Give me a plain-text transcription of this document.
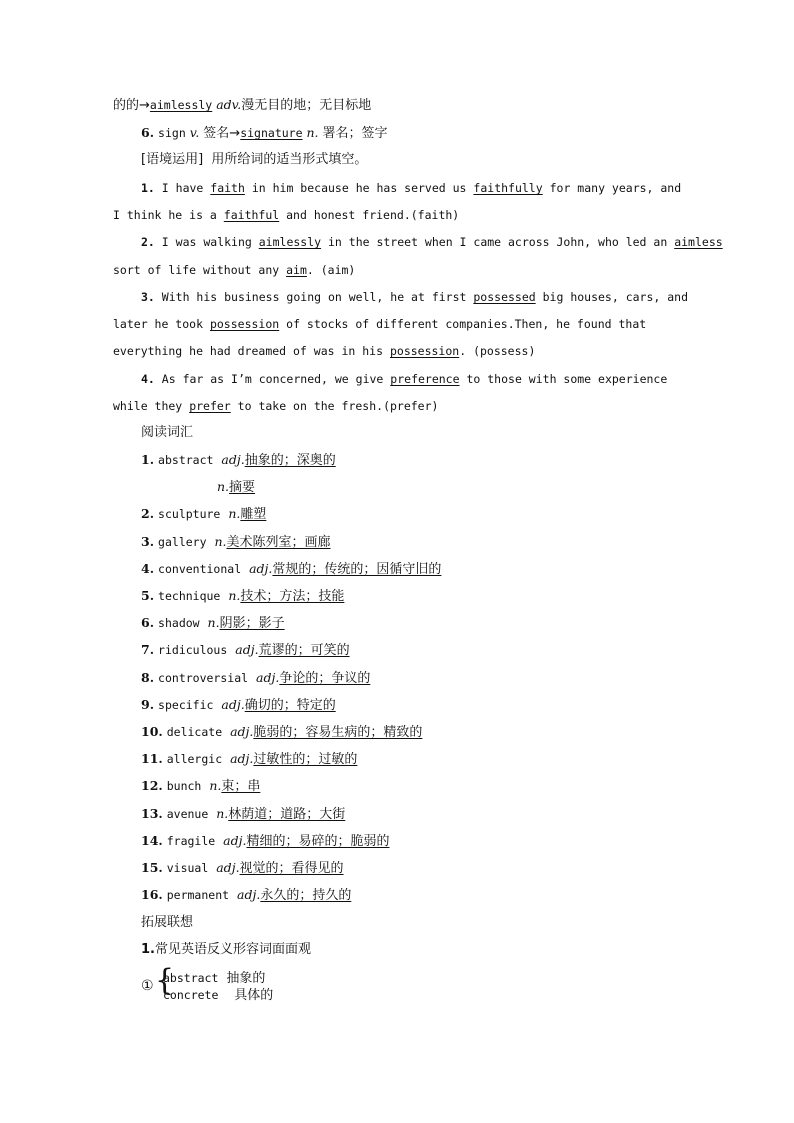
的的→aimlessly adv.漫无目的地；无目标地
6. sign v. 签名→signature n. 署名；签字
[语境运用] 用所给词的适当形式填空。
1. I have faith in him because he has served us faithfully for many years, and
I think he is a faithful and honest friend.(faith)
2. I was walking aimlessly in the street when I came across John, who led an aimless
sort of life without any aim. (aim)
3. With his business going on well, he at first possessed big houses, cars, and
later he took possession of stocks of different companies.Then, he found that
everything he had dreamed of was in his possession. (possess)
4. As far as I’m concerned, we give preference to those with some experience
while they prefer to take on the fresh.(prefer)
阅读词汇
1. abstract adj.抽象的；深奥的
n.摘要
2. sculpture n.雕塑
3. gallery n.美术陈列室；画廊
4. conventional adj.常规的；传统的；因循守旧的
5. technique n.技术；方法；技能
6. shadow n.阴影；影子
7. ridiculous adj.荒谬的；可笑的
8. controversial adj.争论的；争议的
9. specific adj.确切的；特定的
10. delicate adj.脆弱的；容易生病的；精致的
11. allergic adj.过敏性的；过敏的
12. bunch n.束；串
13. avenue n.林荫道；道路；大街
14. fragile adj.精细的；易碎的；脆弱的
15. visual adj.视觉的；看得见的
16. permanent adj.永久的；持久的
拓展联想
1.常见英语反义形容词面面观
① {
abstract 抽象的
concrete 具体的
